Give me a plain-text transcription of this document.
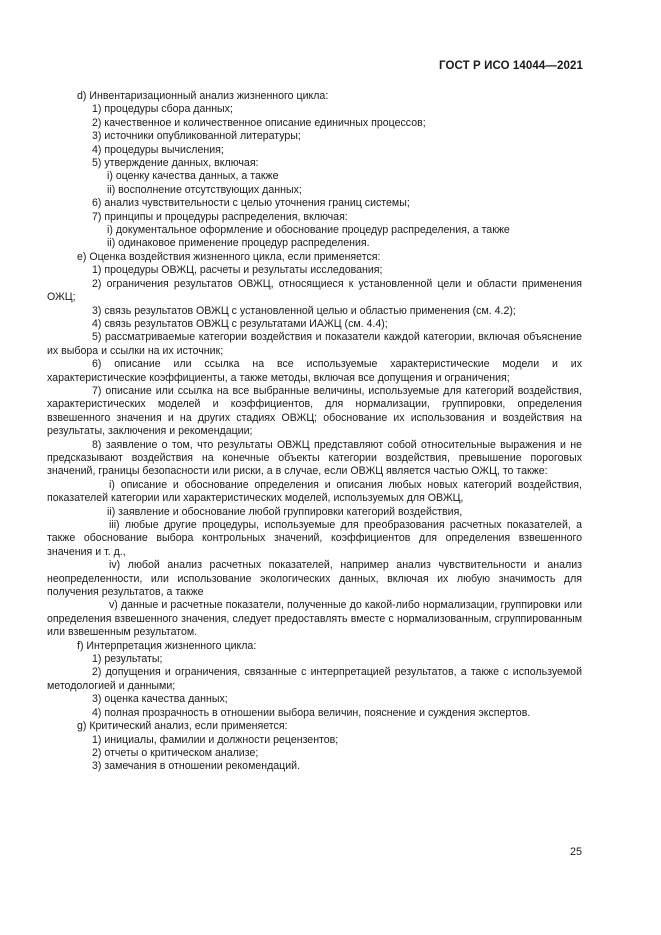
ГОСТ Р ИСО 14044—2021

d) Инвентаризационный анализ жизненного цикла:

1) процедуры сбора данных;

2) качественное и количественное описание единичных процессов;

3) источники опубликованной литературы;

4) процедуры вычисления;

5) утверждение данных, включая:

i) оценку качества данных, а также

ii) восполнение отсутствующих данных;

6) анализ чувствительности с целью уточнения границ системы;

7) принципы и процедуры распределения, включая:

i) документальное оформление и обоснование процедур распределения, а также

ii) одинаковое применение процедур распределения.

e) Оценка воздействия жизненного цикла, если применяется:

1) процедуры ОВЖЦ, расчеты и результаты исследования;

2) ограничения результатов ОВЖЦ, относящиеся к установленной цели и области применения ОЖЦ;

3) связь результатов ОВЖЦ с установленной целью и областью применения (см. 4.2);

4) связь результатов ОВЖЦ с результатами ИАЖЦ (см. 4.4);

5) рассматриваемые категории воздействия и показатели каждой категории, включая объяснение их выбора и ссылки на их источник;

6) описание или ссылка на все используемые характеристические модели и их характеристические коэффициенты, а также методы, включая все допущения и ограничения;

7) описание или ссылка на все выбранные величины, используемые для категорий воздействия, характеристических моделей и коэффициентов, для нормализации, группировки, определения взвешенного значения и на других стадиях ОВЖЦ; обоснование их использования и воздействия на результаты, заключения и рекомендации;

8) заявление о том, что результаты ОВЖЦ представляют собой относительные выражения и не предсказывают воздействия на конечные объекты категории воздействия, превышение пороговых значений, границы безопасности или риски, а в случае, если ОВЖЦ является частью ОЖЦ, то также:

i) описание и обоснование определения и описания любых новых категорий воздействия, показателей категории или характеристических моделей, используемых для ОВЖЦ,

ii) заявление и обоснование любой группировки категорий воздействия,

iii) любые другие процедуры, используемые для преобразования расчетных показателей, а также обоснование выбора контрольных значений, коэффициентов для определения взвешенного значения и т. д.,

iv) любой анализ расчетных показателей, например анализ чувствительности и анализ неопределенности, или использование экологических данных, включая их любую значимость для получения результатов, а также

v) данные и расчетные показатели, полученные до какой-либо нормализации, группировки или определения взвешенного значения, следует предоставлять вместе с нормализованным, сгруппированным или взвешенным результатом.

f) Интерпретация жизненного цикла:

1) результаты;

2) допущения и ограничения, связанные с интерпретацией результатов, а также с используемой методологией и данными;

3) оценка качества данных;

4) полная прозрачность в отношении выбора величин, пояснение и суждения экспертов.

g) Критический анализ, если применяется:

1) инициалы, фамилии и должности рецензентов;

2) отчеты о критическом анализе;

3) замечания в отношении рекомендаций.

25
